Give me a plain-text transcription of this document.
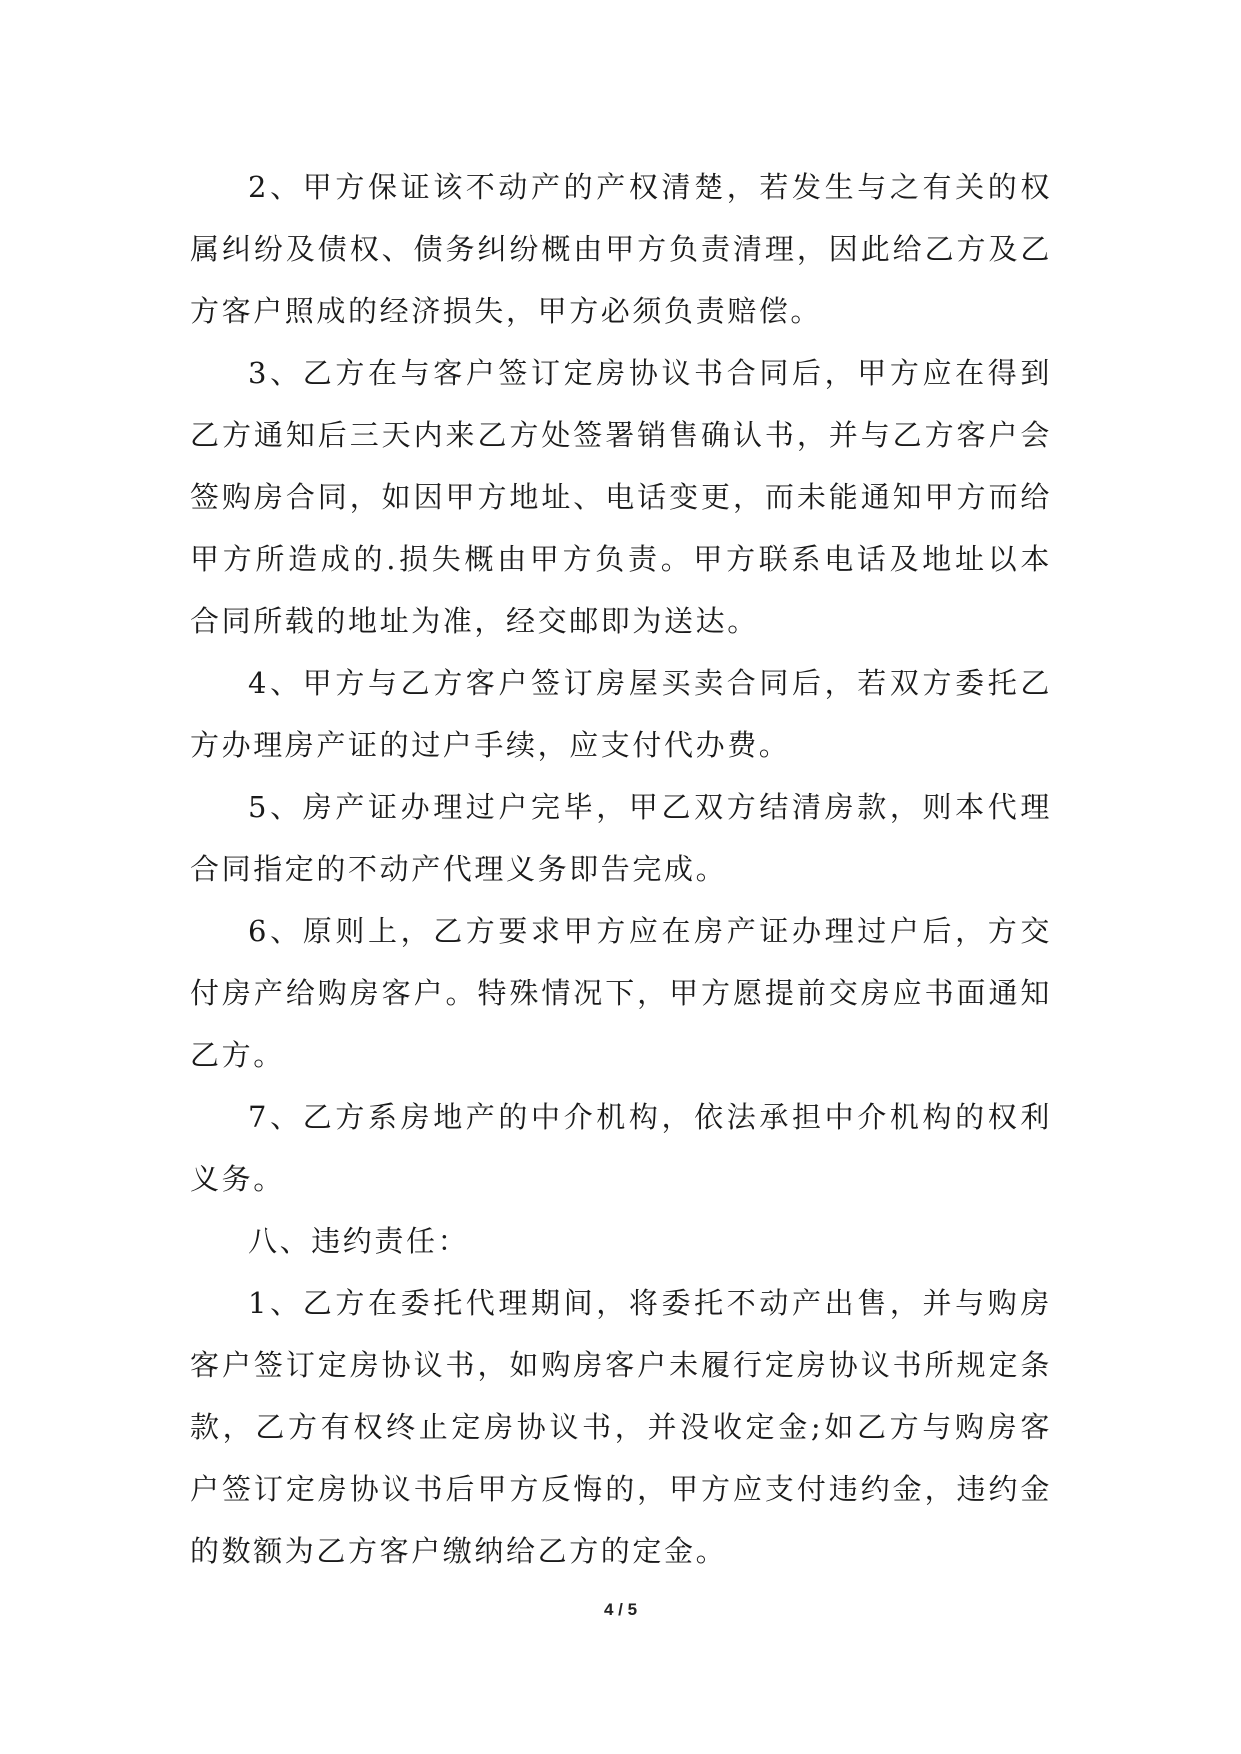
2、甲方保证该不动产的产权清楚，若发生与之有关的权属纠纷及债权、债务纠纷概由甲方负责清理，因此给乙方及乙方客户照成的经济损失，甲方必须负责赔偿。

3、乙方在与客户签订定房协议书合同后，甲方应在得到乙方通知后三天内来乙方处签署销售确认书，并与乙方客户会签购房合同，如因甲方地址、电话变更，而未能通知甲方而给甲方所造成的.损失概由甲方负责。甲方联系电话及地址以本合同所载的地址为准，经交邮即为送达。

4、甲方与乙方客户签订房屋买卖合同后，若双方委托乙方办理房产证的过户手续，应支付代办费。

5、房产证办理过户完毕，甲乙双方结清房款，则本代理合同指定的不动产代理义务即告完成。

6、原则上，乙方要求甲方应在房产证办理过户后，方交付房产给购房客户。特殊情况下，甲方愿提前交房应书面通知乙方。

7、乙方系房地产的中介机构，依法承担中介机构的权利义务。

八、违约责任：

1、乙方在委托代理期间，将委托不动产出售，并与购房客户签订定房协议书，如购房客户未履行定房协议书所规定条款，乙方有权终止定房协议书，并没收定金;如乙方与购房客户签订定房协议书后甲方反悔的，甲方应支付违约金，违约金的数额为乙方客户缴纳给乙方的定金。

4 / 5
